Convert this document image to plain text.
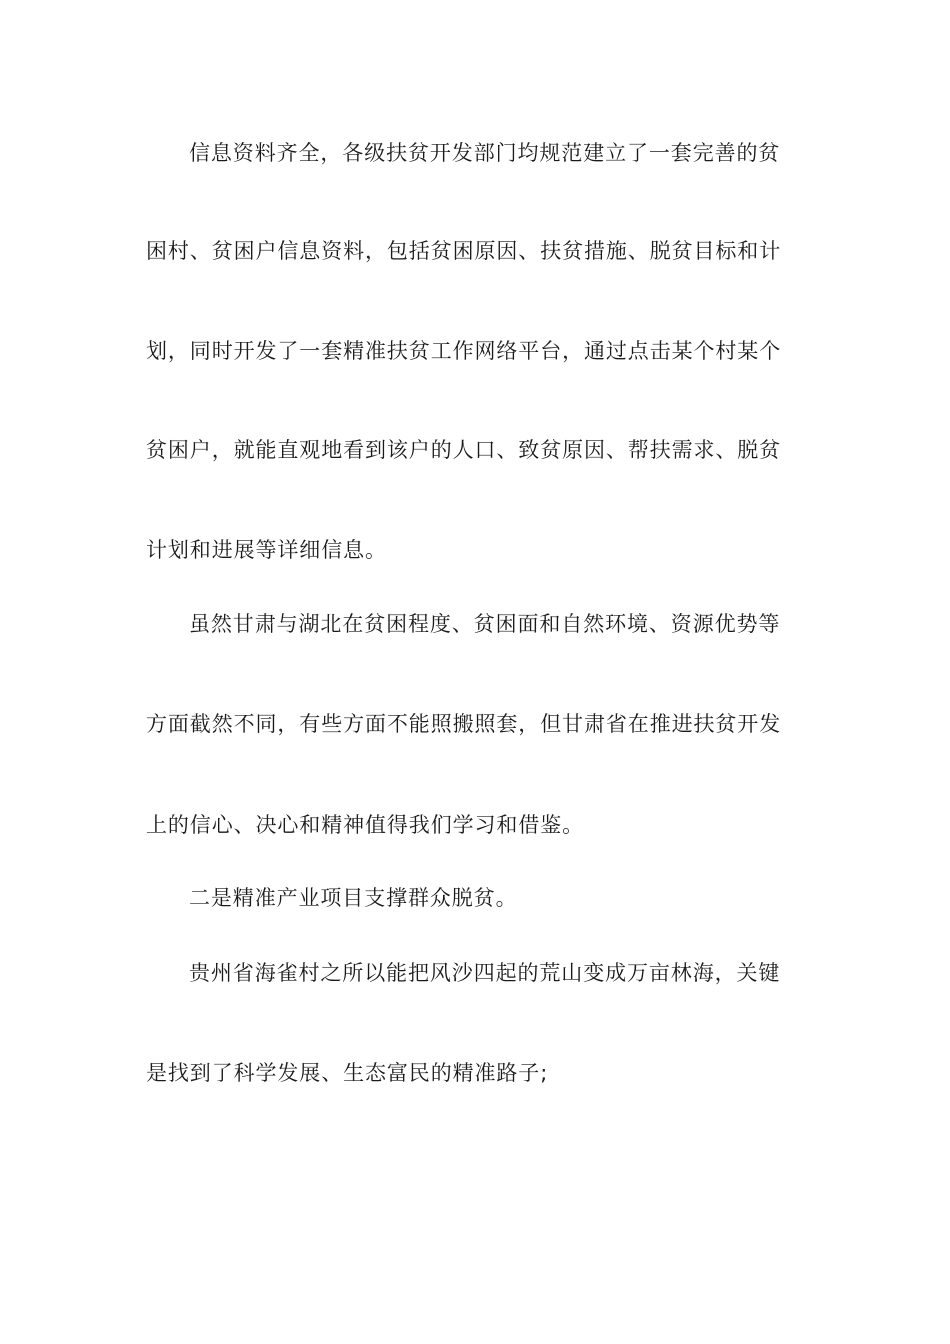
信息资料齐全，各级扶贫开发部门均规范建立了一套完善的贫
困村、贫困户信息资料，包括贫困原因、扶贫措施、脱贫目标和计
划，同时开发了一套精准扶贫工作网络平台，通过点击某个村某个
贫困户，就能直观地看到该户的人口、致贫原因、帮扶需求、脱贫
计划和进展等详细信息。
虽然甘肃与湖北在贫困程度、贫困面和自然环境、资源优势等
方面截然不同，有些方面不能照搬照套，但甘肃省在推进扶贫开发
上的信心、决心和精神值得我们学习和借鉴。
二是精准产业项目支撑群众脱贫。
贵州省海雀村之所以能把风沙四起的荒山变成万亩林海，关键
是找到了科学发展、生态富民的精准路子;
